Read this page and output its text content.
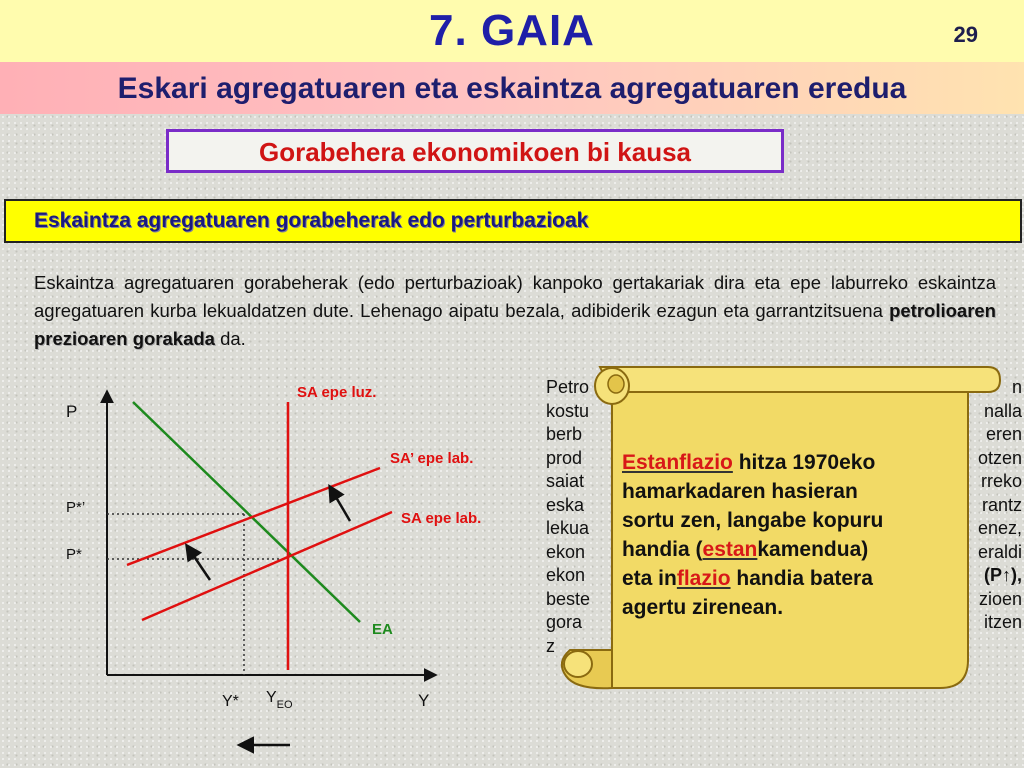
7. GAIA	29
Eskari agregatuaren eta eskaintza agregatuaren eredua
Gorabehera ekonomikoen bi kausa
Eskaintza agregatuaren gorabeherak edo perturbazioak
Eskaintza agregatuaren gorabeherak (edo perturbazioak) kanpoko gertakariak dira eta epe laburreko eskaintza agregatuaren kurba lekualdatzen dute. Lehenago aipatu bezala, adibiderik ezagun eta garrantzitsuena petrolioaren prezioaren gorakada da.
P
Y
SA epe luz.
SA’ epe lab.
SA epe lab.
EA
P*’
P*
Y* $Y_{EO}$
Petro
kostu
berb
prod
saiat
eska
lekua
ekon
ekon
beste
gora
z
n
nalla
eren
otzen
rreko
rantz
enez,
eraldi
(P↑),
zioen
itzen
Estanflazio hitza 1970eko
hamarkadaren hasieran
sortu zen, langabe kopuru
handia (estankamendua)
eta inflazio handia batera
agertu zirenean.
